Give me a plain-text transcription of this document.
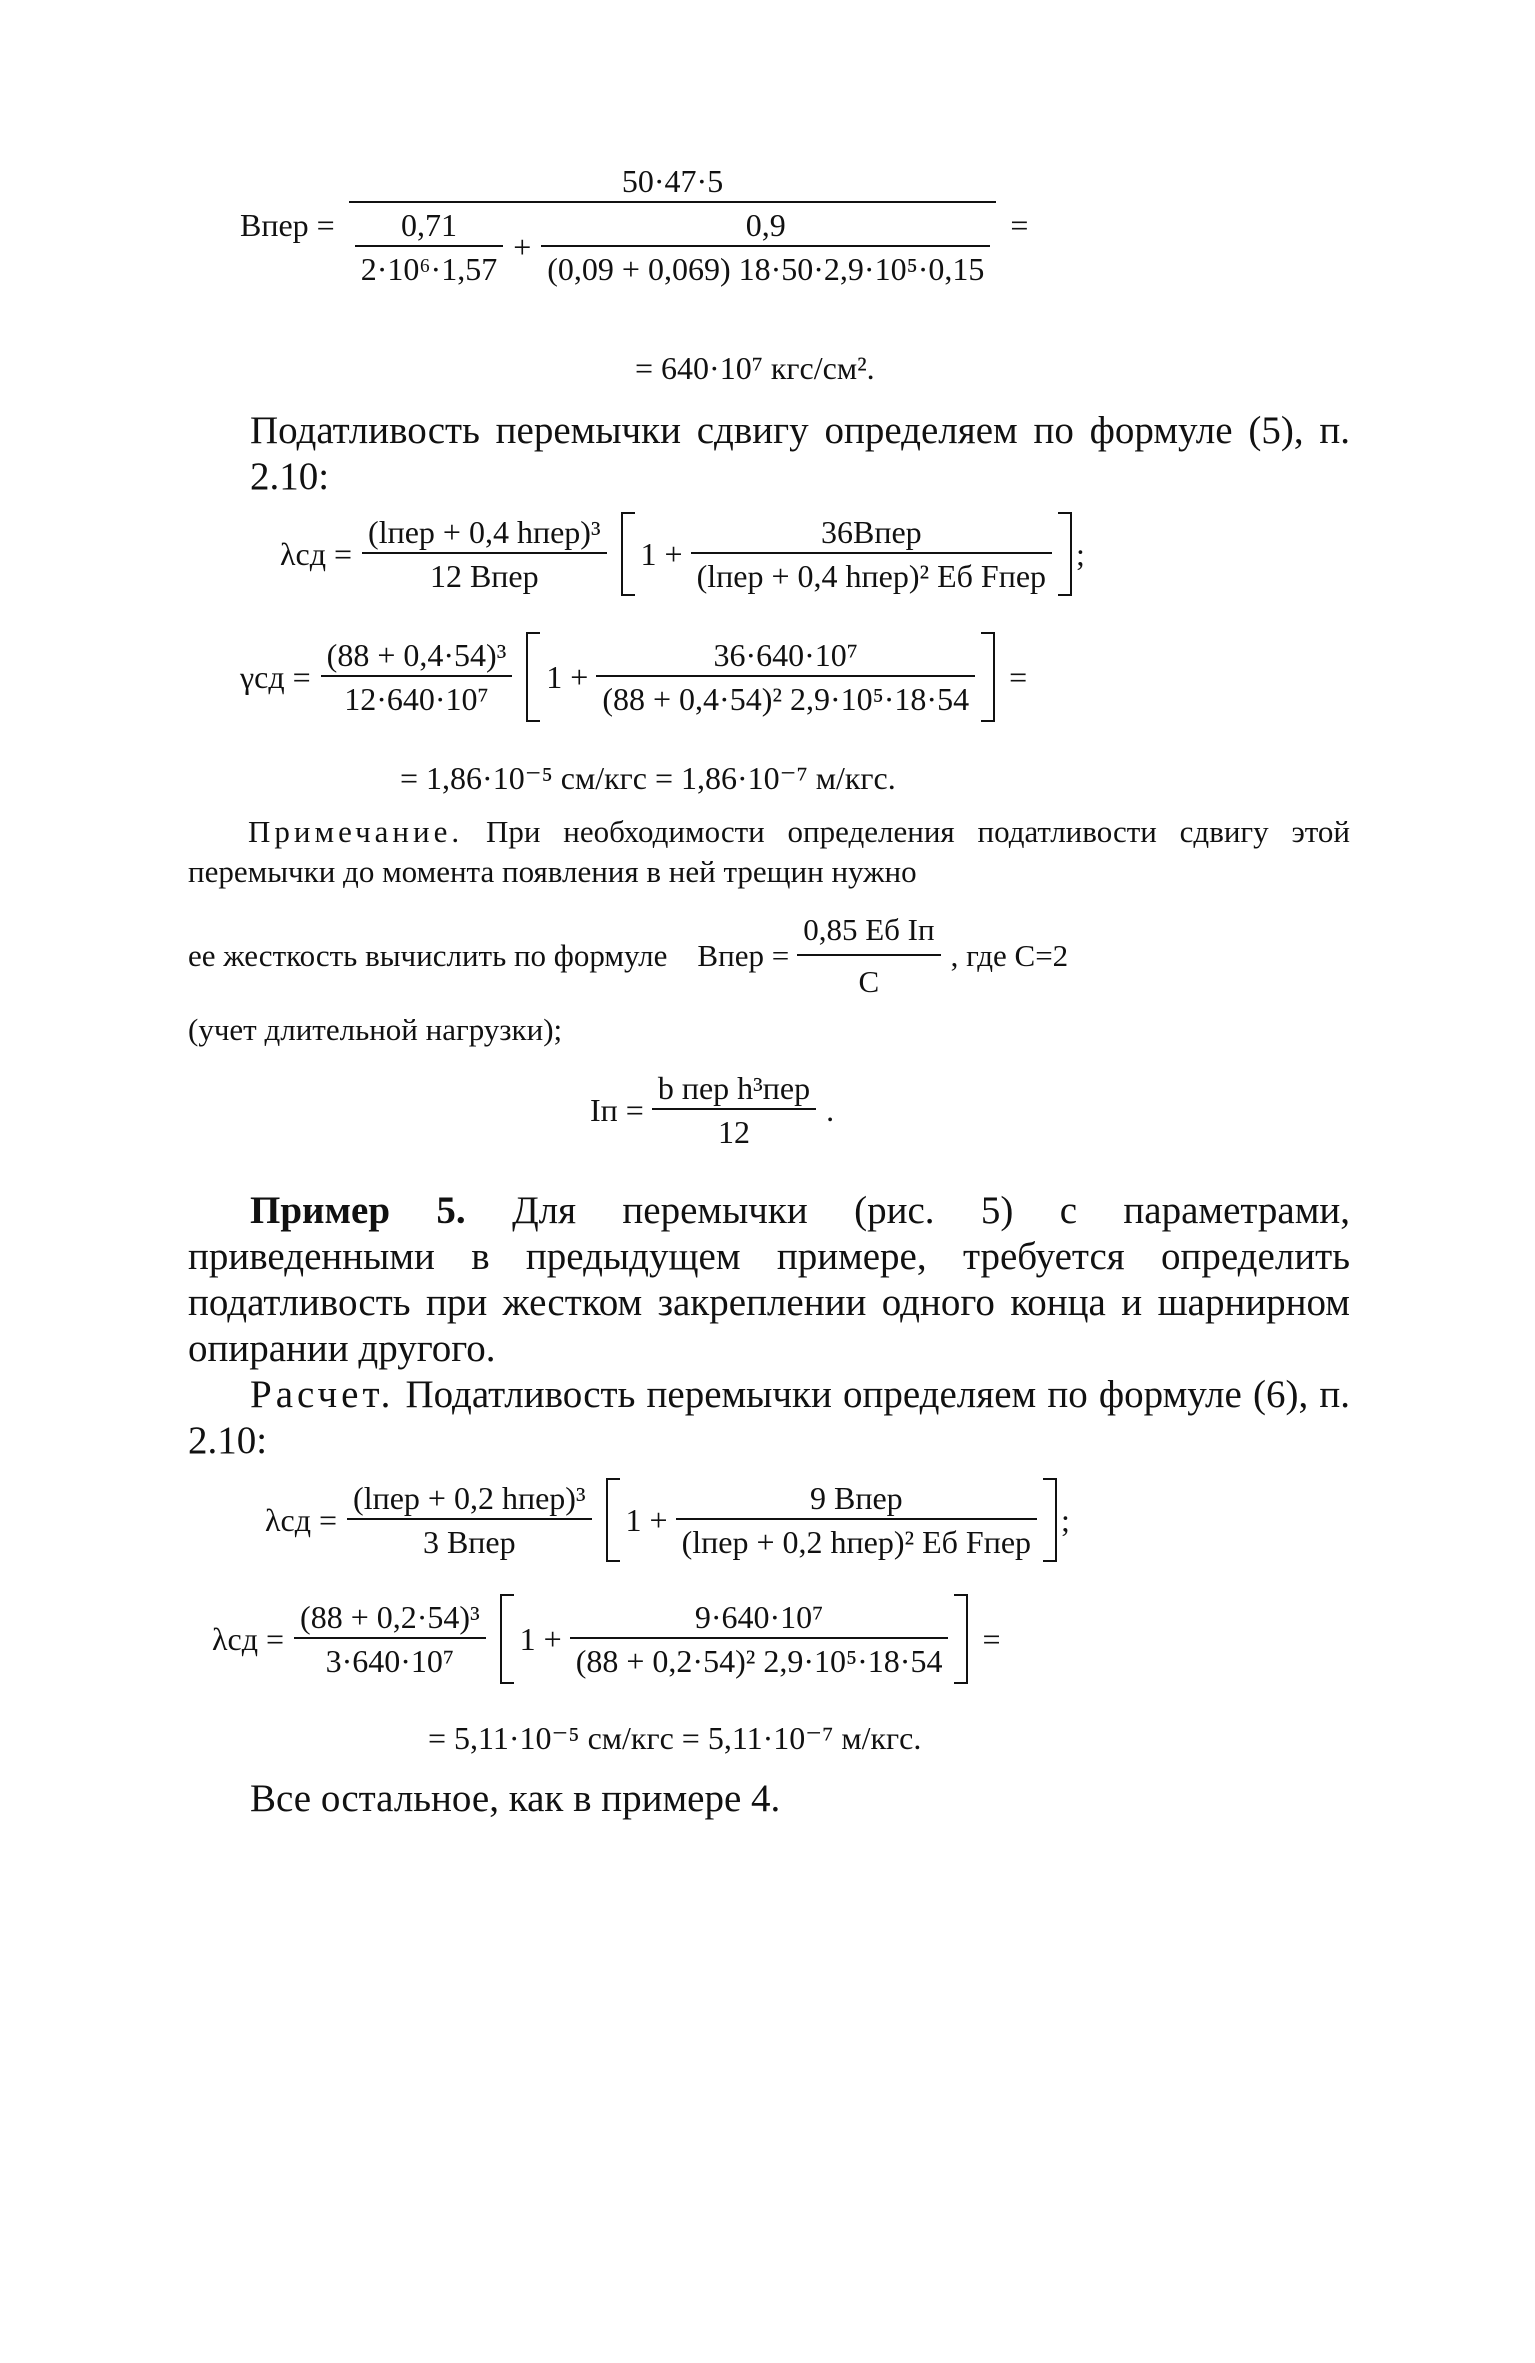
Bпер =
50·47·5
$\frac{0,71}{\text{2·10⁶·1,57}} + \frac{0,9}{\text{(0,09 + 0,069) 18·50·2,9·10⁵·0,15}}$ =
= 640·10⁷ кгс/см².
Податливость перемычки сдвигу определяем по формуле (5), п. 2.10:
$\lambda сд = \frac{\text{(lпер + 0,4 hпер)³}}{\text{12 Bпер}} 1 + \frac{\text{36Bпер}}{\text{(lпер + 0,4 hпер)² Eб Fпер}}$ ;
$\gamma сд = \frac{\text{(88 + 0,4·54)³}}{\text{12·640·10⁷}} 1 + \frac{\text{36·640·10⁷}}{\text{(88 + 0,4·54)² 2,9·10⁵·18·54}}$ =
= 1,86·10⁻⁵ см/кгс = 1,86·10⁻⁷ м/кгс.
Примечание. При необходимости определения податливости сдвигу этой перемычки до момента появления в ней трещин нужно
ее жесткость вычислить по формуле Bпер = $\frac{\text{0,85 Eб Iп}}{C}$ , где C=2
(учет длительной нагрузки);
Iп = $\frac{\text{b пер h³пер}}{12}$ .
Пример 5. Для перемычки (рис. 5) с параметрами, приведенными в предыдущем примере, требуется определить податливость при жестком закреплении одного конца и шарнирном опирании другого.
Расчет. Податливость перемычки определяем по формуле (6), п. 2.10:
$\lambda сд = \frac{\text{(lпер + 0,2 hпер)³}}{\text{3 Bпер}} 1 + \frac{\text{9 Bпер}}{\text{(lпер + 0,2 hпер)² Eб Fпер}}$ ;
$\lambda сд = \frac{\text{(88 + 0,2·54)³}}{\text{3·640·10⁷}} 1 + \frac{\text{9·640·10⁷}}{\text{(88 + 0,2·54)² 2,9·10⁵·18·54}}$ =
= 5,11·10⁻⁵ см/кгс = 5,11·10⁻⁷ м/кгс.
Все остальное, как в примере 4.
